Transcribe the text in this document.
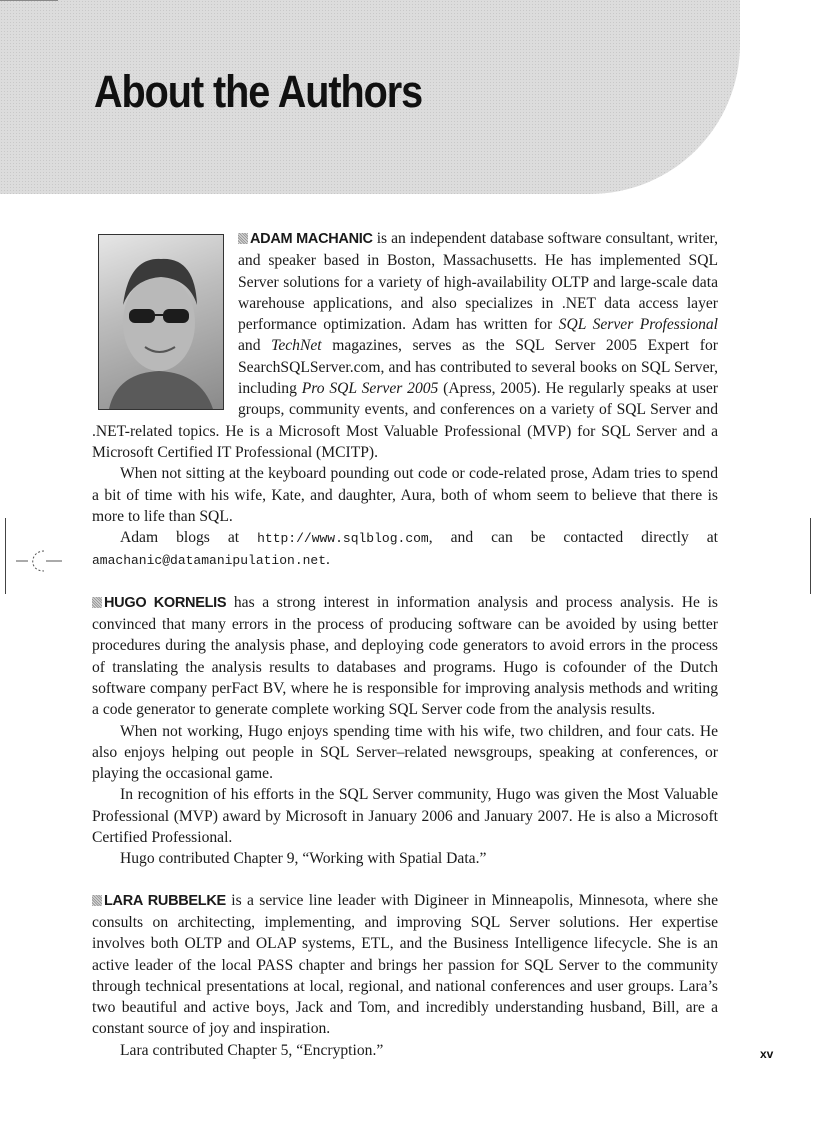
About the Authors

ADAM MACHANIC is an independent database software consultant, writer, and speaker based in Boston, Massachusetts. He has implemented SQL Server solutions for a variety of high-availability OLTP and large-scale data warehouse applications, and also specializes in .NET data access layer performance optimization. Adam has written for SQL Server Professional and TechNet magazines, serves as the SQL Server 2005 Expert for SearchSQLServer.com, and has contributed to several books on SQL Server, including Pro SQL Server 2005 (Apress, 2005). He regularly speaks at user groups, community events, and conferences on a variety of SQL Server and .NET-related topics. He is a Microsoft Most Valuable Professional (MVP) for SQL Server and a Microsoft Certified IT Professional (MCITP).

When not sitting at the keyboard pounding out code or code-related prose, Adam tries to spend a bit of time with his wife, Kate, and daughter, Aura, both of whom seem to believe that there is more to life than SQL.

Adam blogs at http://www.sqlblog.com, and can be contacted directly at amachanic@datamanipulation.net.

HUGO KORNELIS has a strong interest in information analysis and process analysis. He is convinced that many errors in the process of producing software can be avoided by using better procedures during the analysis phase, and deploying code generators to avoid errors in the process of translating the analysis results to databases and programs. Hugo is cofounder of the Dutch software company perFact BV, where he is responsible for improving analysis methods and writing a code generator to generate complete working SQL Server code from the analysis results.

When not working, Hugo enjoys spending time with his wife, two children, and four cats. He also enjoys helping out people in SQL Server–related newsgroups, speaking at conferences, or playing the occasional game.

In recognition of his efforts in the SQL Server community, Hugo was given the Most Valuable Professional (MVP) award by Microsoft in January 2006 and January 2007. He is also a Microsoft Certified Professional.

Hugo contributed Chapter 9, “Working with Spatial Data.”

LARA RUBBELKE is a service line leader with Digineer in Minneapolis, Minnesota, where she consults on architecting, implementing, and improving SQL Server solutions. Her expertise involves both OLTP and OLAP systems, ETL, and the Business Intelligence lifecycle. She is an active leader of the local PASS chapter and brings her passion for SQL Server to the community through technical presentations at local, regional, and national conferences and user groups. Lara’s two beautiful and active boys, Jack and Tom, and incredibly understanding husband, Bill, are a constant source of joy and inspiration.

Lara contributed Chapter 5, “Encryption.”	xv
